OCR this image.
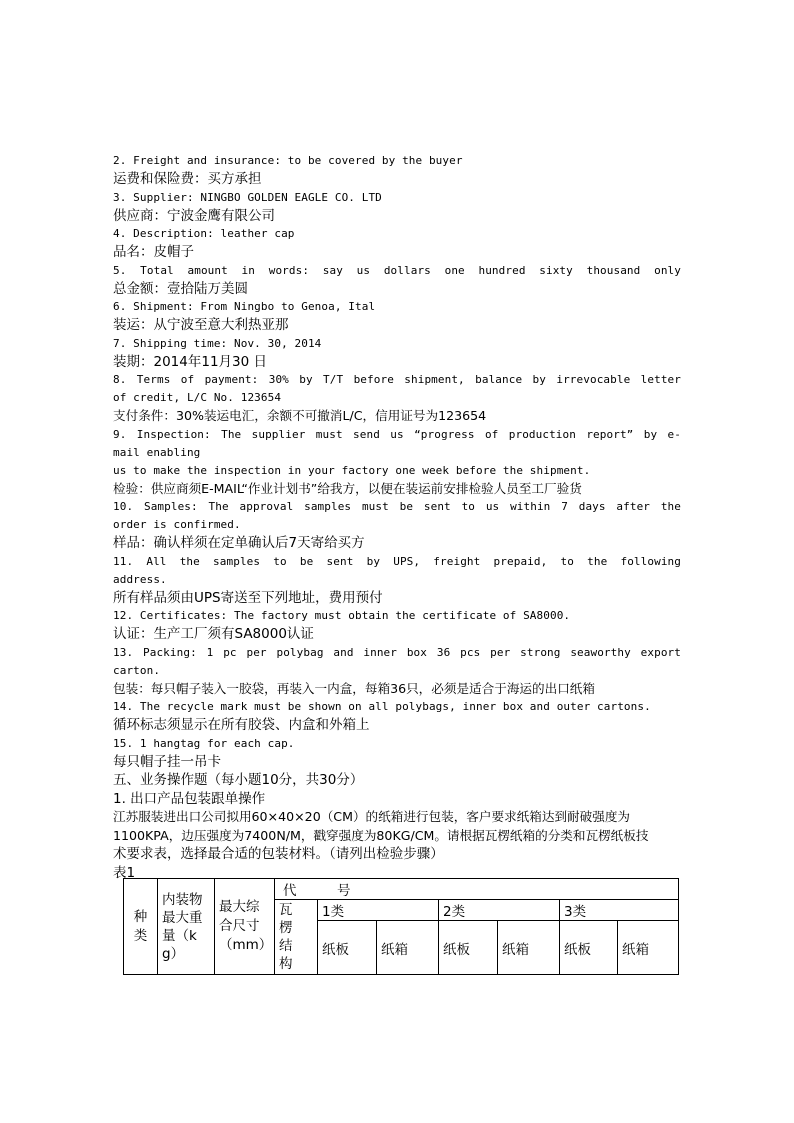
2. Freight and insurance: to be covered by the buyer

运费和保险费：买方承担

3. Supplier: NINGBO GOLDEN EAGLE CO. LTD

供应商：宁波金鹰有限公司

4. Description: leather cap

品名：皮帽子

5. Total amount in words: say us dollars one hundred sixty thousand only

总金额：壹拾陆万美圆

6. Shipment: From Ningbo to Genoa, Ital

装运：从宁波至意大利热亚那

7. Shipping time: Nov. 30, 2014

装期：2014年11月30 日

8. Terms of payment: 30% by T/T before shipment, balance by irrevocable letter

of credit, L/C No. 123654

支付条件：30%装运电汇，余额不可撤消L/C，信用证号为123654

9. Inspection: The supplier must send us “progress of production report” by e-

mail enabling

us to make the inspection in your factory one week before the shipment.

检验：供应商须E-MAIL“作业计划书”给我方，以便在装运前安排检验人员至工厂验货

10. Samples: The approval samples must be sent to us within 7 days after the

order is confirmed.

样品：确认样须在定单确认后7天寄给买方

11. All the samples to be sent by UPS, freight prepaid, to the following

address.

所有样品须由UPS寄送至下列地址，费用预付

12. Certificates: The factory must obtain the certificate of SA8000.

认证：生产工厂须有SA8000认证

13. Packing: 1 pc per polybag and inner box 36 pcs per strong seaworthy export

carton.

包装：每只帽子装入一胶袋，再装入一内盒，每箱36只，必须是适合于海运的出口纸箱

14. The recycle mark must be shown on all polybags, inner box and outer cartons.

循环标志须显示在所有胶袋、内盒和外箱上

15. 1 hangtag for each cap.

每只帽子挂一吊卡

五、业务操作题（每小题10分，共30分）

1. 出口产品包装跟单操作

江苏服装进出口公司拟用60×40×20（CM）的纸箱进行包装，客户要求纸箱达到耐破强度为

1100KPA，边压强度为7400N/M，戳穿强度为80KG/CM。请根据瓦楞纸箱的分类和瓦楞纸板技

术要求表，选择最合适的包装材料。（请列出检验步骤）

表1

种类	内装物最大重量（kg）	最大综合尺寸（mm）	代　　　号						
			瓦楞结构	1类		2类		3类	
				纸板	纸箱	纸板	纸箱	纸板	纸箱
